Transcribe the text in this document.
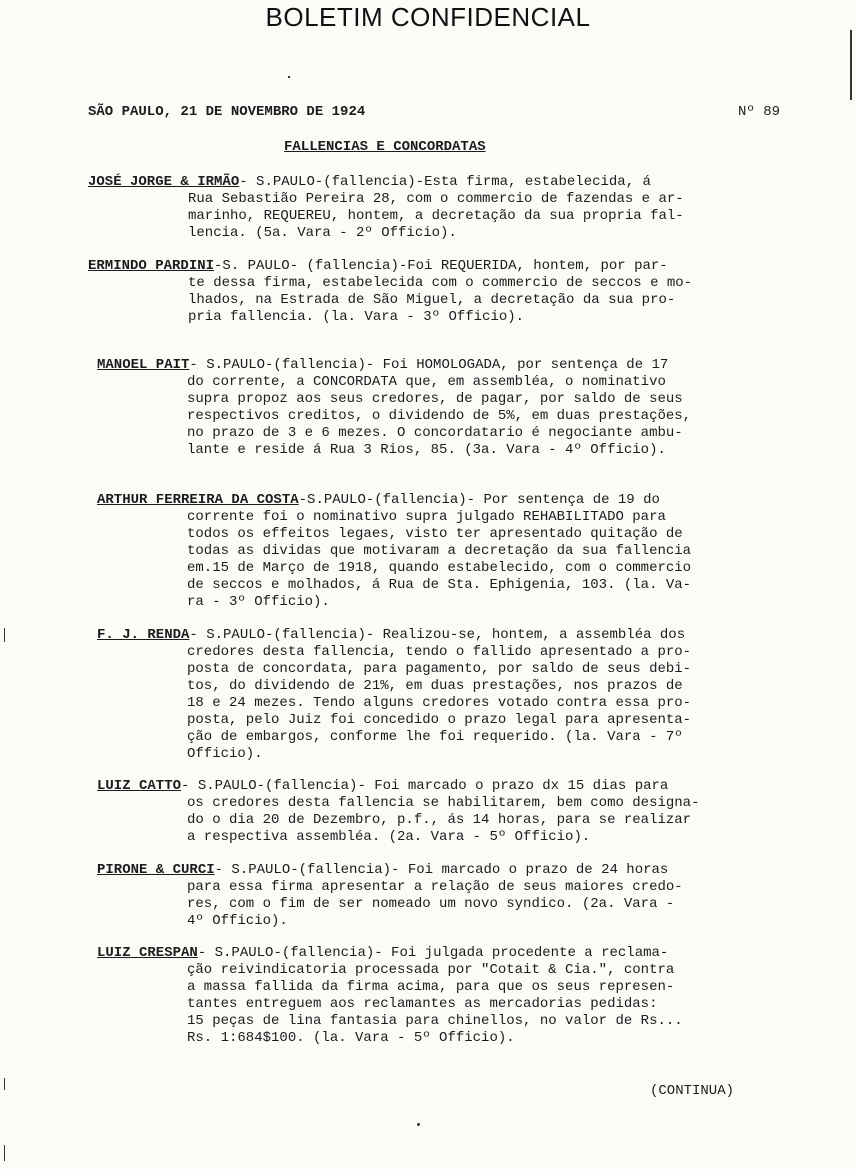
BOLETIM CONFIDENCIAL
SÃO PAULO, 21 DE NOVEMBRO DE 1924	Nº 89
FALLENCIAS E CONCORDATAS
JOSÉ JORGE & IRMÃO- S.PAULO-(fallencia)-Esta firma, estabelecida, á
Rua Sebastião Pereira 28, com o commercio de fazendas e ar-
marinho, REQUEREU, hontem, a decretação da sua propria fal-
lencia. (5a. Vara - 2º Officio).
ERMINDO PARDINI-S. PAULO- (fallencia)-Foi REQUERIDA, hontem, por par-
te dessa firma, estabelecida com o commercio de seccos e mo-
lhados, na Estrada de São Miguel, a decretação da sua pro-
pria fallencia. (la. Vara - 3º Officio).
MANOEL PAIT- S.PAULO-(fallencia)- Foi HOMOLOGADA, por sentença de 17
do corrente, a CONCORDATA que, em assembléa, o nominativo
supra propoz aos seus credores, de pagar, por saldo de seus
respectivos creditos, o dividendo de 5%, em duas prestações,
no prazo de 3 e 6 mezes. O concordatario é negociante ambu-
lante e reside á Rua 3 Rios, 85. (3a. Vara - 4º Officio).
ARTHUR FERREIRA DA COSTA-S.PAULO-(fallencia)- Por sentença de 19 do
corrente foi o nominativo supra julgado REHABILITADO para
todos os effeitos legaes, visto ter apresentado quitação de
todas as dividas que motivaram a decretação da sua fallencia
em.15 de Março de 1918, quando estabelecido, com o commercio
de seccos e molhados, á Rua de Sta. Ephigenia, 103. (la. Va-
ra - 3º Officio).
F. J. RENDA- S.PAULO-(fallencia)- Realizou-se, hontem, a assembléa dos
credores desta fallencia, tendo o fallido apresentado a pro-
posta de concordata, para pagamento, por saldo de seus debi-
tos, do dividendo de 21%, em duas prestações, nos prazos de
18 e 24 mezes. Tendo alguns credores votado contra essa pro-
posta, pelo Juiz foi concedido o prazo legal para apresenta-
ção de embargos, conforme lhe foi requerido. (la. Vara - 7º
Officio).
LUIZ CATTO- S.PAULO-(fallencia)- Foi marcado o prazo dx 15 dias para
os credores desta fallencia se habilitarem, bem como designa-
do o dia 20 de Dezembro, p.f., ás 14 horas, para se realizar
a respectiva assembléa. (2a. Vara - 5º Officio).
PIRONE & CURCI- S.PAULO-(fallencia)- Foi marcado o prazo de 24 horas
para essa firma apresentar a relação de seus maiores credo-
res, com o fim de ser nomeado um novo syndico. (2a. Vara -
4º Officio).
LUIZ CRESPAN- S.PAULO-(fallencia)- Foi julgada procedente a reclama-
ção reivindicatoria processada por "Cotait & Cia.", contra
a massa fallida da firma acima, para que os seus represen-
tantes entreguem aos reclamantes as mercadorias pedidas:
15 peças de lina fantasia para chinellos, no valor de Rs...
Rs. 1:684$100. (la. Vara - 5º Officio).
(CONTINUA)
